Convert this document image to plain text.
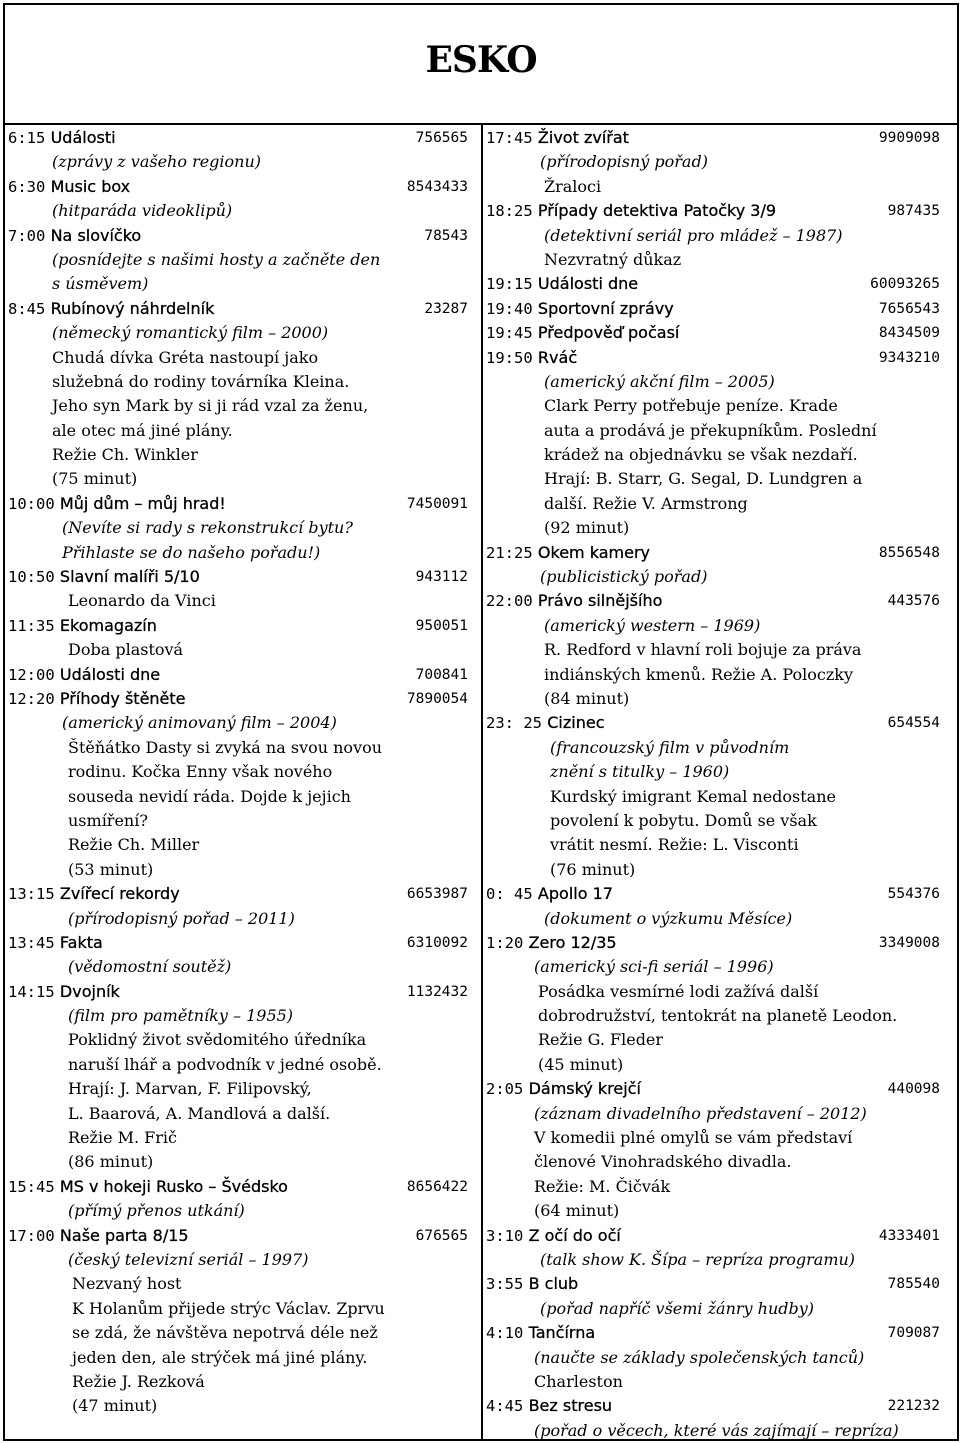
ESKO
6:15 Události	756565
(zprávy z vašeho regionu)
6:30 Music box	8543433
(hitparáda videoklipů)
7:00 Na slovíčko	78543
(posnídejte s našimi hosty a začněte den
s úsměvem)
8:45 Rubínový náhrdelník	23287
(německý romantický film – 2000)
Chudá dívka Gréta nastoupí jako
služebná do rodiny továrníka Kleina.
Jeho syn Mark by si ji rád vzal za ženu,
ale otec má jiné plány.
Režie Ch. Winkler
(75 minut)
10:00 Můj dům – můj hrad!	7450091
(Nevíte si rady s rekonstrukcí bytu?
Přihlaste se do našeho pořadu!)
10:50 Slavní malíři 5/10	943112
Leonardo da Vinci
11:35 Ekomagazín	950051
Doba plastová
12:00 Události dne	700841
12:20 Příhody štěněte	7890054
(americký animovaný film – 2004)
Štěňátko Dasty si zvyká na svou novou
rodinu. Kočka Enny však nového
souseda nevidí ráda. Dojde k jejich
usmíření?
Režie Ch. Miller
(53 minut)
13:15 Zvířecí rekordy	6653987
(přírodopisný pořad – 2011)
13:45 Fakta	6310092
(vědomostní soutěž)
14:15 Dvojník	1132432
(film pro pamětníky – 1955)
Poklidný život svědomitého úředníka
naruší lhář a podvodník v jedné osobě.
Hrají: J. Marvan, F. Filipovský,
L. Baarová, A. Mandlová a další.
Režie M. Frič
(86 minut)
15:45 MS v hokeji Rusko – Švédsko	8656422
(přímý přenos utkání)
17:00 Naše parta 8/15	676565
(český televizní seriál – 1997)
Nezvaný host
K Holanům přijede strýc Václav. Zprvu
se zdá, že návštěva nepotrvá déle než
jeden den, ale strýček má jiné plány.
Režie J. Rezková
(47 minut)
17:45 Život zvířat	9909098
(přírodopisný pořad)
Žraloci
18:25 Případy detektiva Patočky 3/9	987435
(detektivní seriál pro mládež – 1987)
Nezvratný důkaz
19:15 Události dne	60093265
19:40 Sportovní zprávy	7656543
19:45 Předpověď počasí	8434509
19:50 Rváč	9343210
(americký akční film – 2005)
Clark Perry potřebuje peníze. Krade
auta a prodává je překupníkům. Poslední
krádež na objednávku se však nezdaří.
Hrají: B. Starr, G. Segal, D. Lundgren a
další. Režie V. Armstrong
(92 minut)
21:25 Okem kamery	8556548
(publicistický pořad)
22:00 Právo silnějšího	443576
(americký western – 1969)
R. Redford v hlavní roli bojuje za práva
indiánských kmenů. Režie A. Poloczky
(84 minut)
23: 25 Cizinec	654554
(francouzský film v původním
znění s titulky – 1960)
Kurdský imigrant Kemal nedostane
povolení k pobytu. Domů se však
vrátit nesmí. Režie: L. Visconti
(76 minut)
0: 45 Apollo 17	554376
(dokument o výzkumu Měsíce)
1:20 Zero 12/35	3349008
(americký sci-fi seriál – 1996)
Posádka vesmírné lodi zažívá další
dobrodružství, tentokrát na planetě Leodon.
Režie G. Fleder
(45 minut)
2:05 Dámský krejčí	440098
(záznam divadelního představení – 2012)
V komedii plné omylů se vám představí
členové Vinohradského divadla.
Režie: M. Čičvák
(64 minut)
3:10 Z očí do očí	4333401
(talk show K. Šípa – repríza programu)
3:55 B club	785540
(pořad napříč všemi žánry hudby)
4:10 Tančírna	709087
(naučte se základy společenských tanců)
Charleston
4:45 Bez stresu	221232
(pořad o věcech, které vás zajímají – repríza)
